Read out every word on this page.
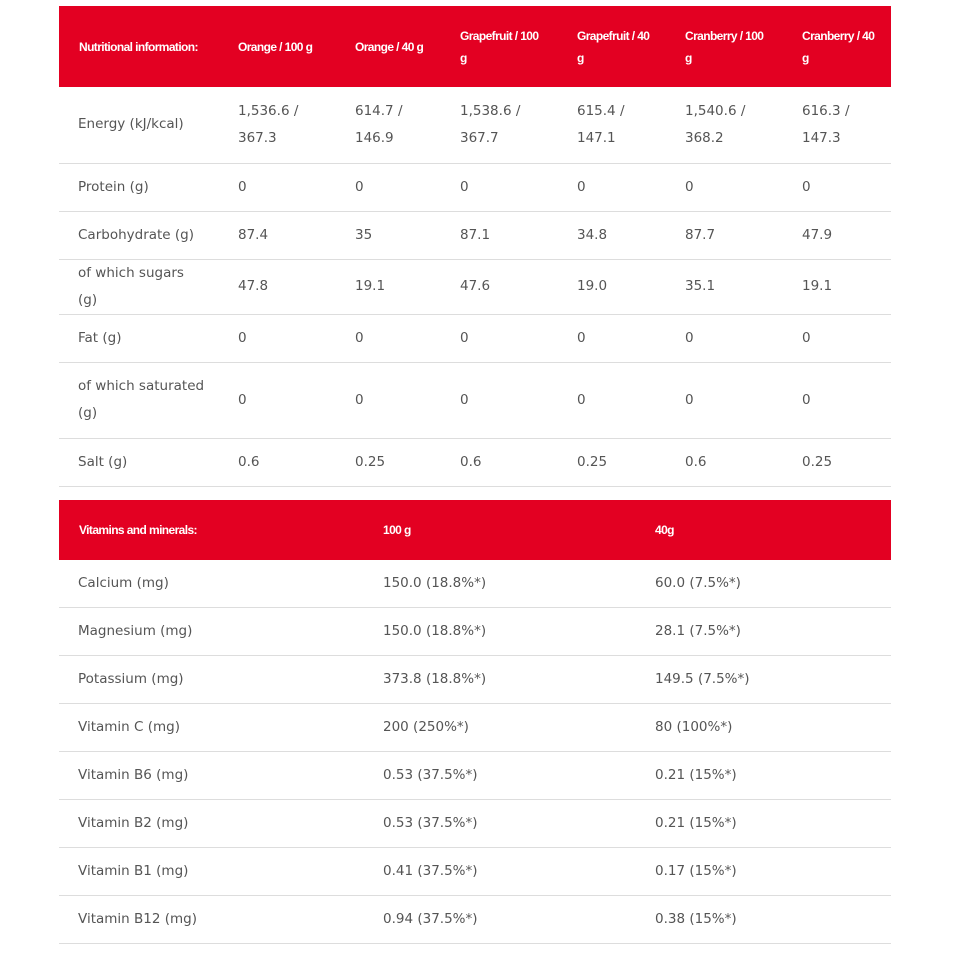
Nutritional information:	Orange / 100 g	Orange / 40 g	Grapefruit / 100 g	Grapefruit / 40 g	Cranberry / 100 g	Cranberry / 40 g
Energy (kJ/kcal)	1,536.6 / 367.3	614.7 / 146.9	1,538.6 / 367.7	615.4 / 147.1	1,540.6 / 368.2	616.3 / 147.3
Protein (g)	0	0	0	0	0	0
Carbohydrate (g)	87.4	35	87.1	34.8	87.7	47.9
of which sugars (g)	47.8	19.1	47.6	19.0	35.1	19.1
Fat (g)	0	0	0	0	0	0
of which saturated (g)	0	0	0	0	0	0
Salt (g)	0.6	0.25	0.6	0.25	0.6	0.25
Vitamins and minerals:	100 g	40g
Calcium (mg)	150.0 (18.8%*)	60.0 (7.5%*)
Magnesium (mg)	150.0 (18.8%*)	28.1 (7.5%*)
Potassium (mg)	373.8 (18.8%*)	149.5 (7.5%*)
Vitamin C (mg)	200 (250%*)	80 (100%*)
Vitamin B6 (mg)	0.53 (37.5%*)	0.21 (15%*)
Vitamin B2 (mg)	0.53 (37.5%*)	0.21 (15%*)
Vitamin B1 (mg)	0.41 (37.5%*)	0.17 (15%*)
Vitamin B12 (mg)	0.94 (37.5%*)	0.38 (15%*)
